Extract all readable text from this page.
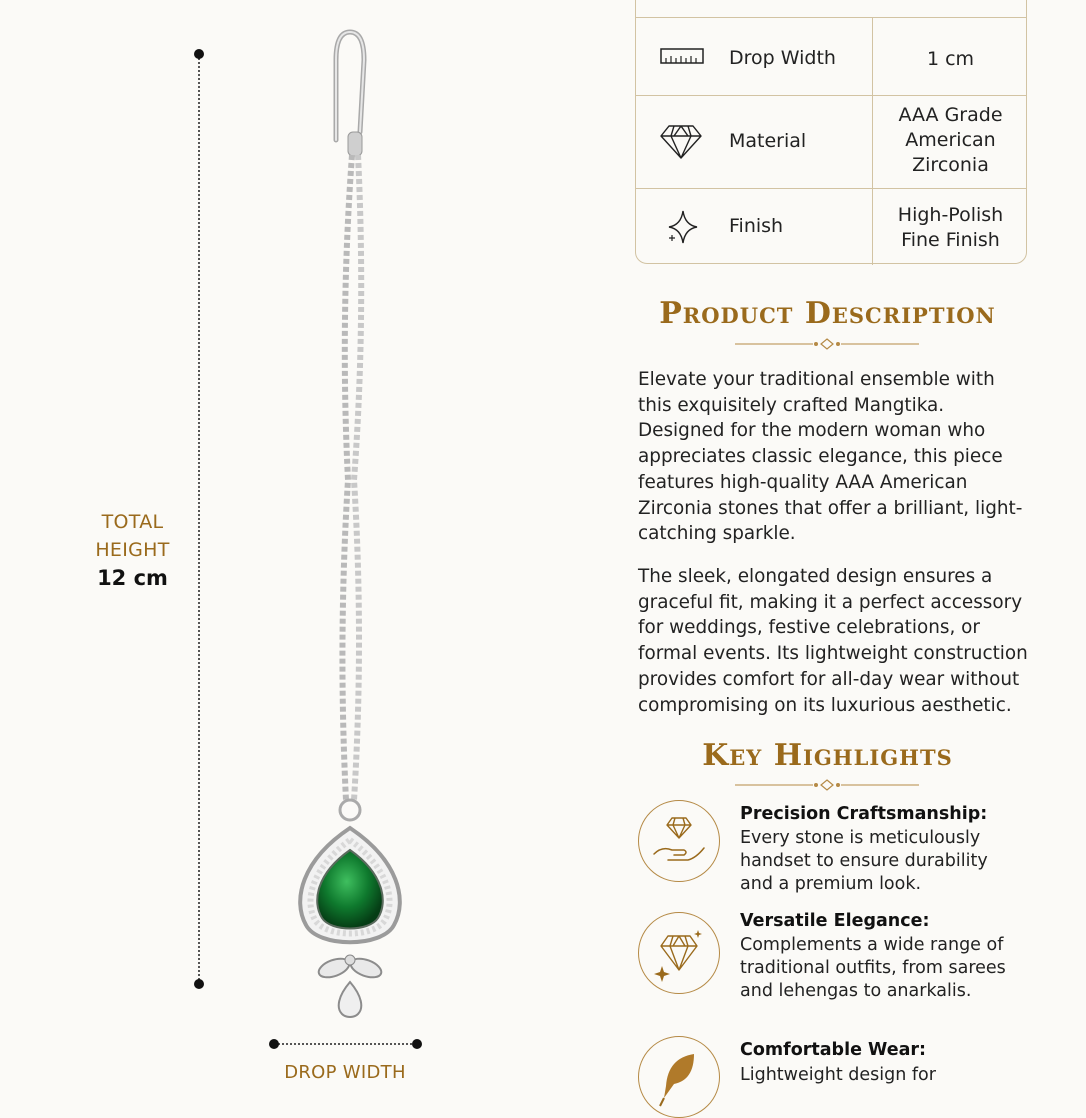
TOTAL
HEIGHT
12 cm
DROP WIDTH
Drop Width	1 cm
Material
AAA Grade
American
Zirconia
Finish	High-Polish
Fine Finish
Product Description

Elevate your traditional ensemble with this exquisitely crafted Mangtika. Designed for the modern woman who appreciates classic elegance, this piece features high-quality AAA American Zirconia stones that offer a brilliant, light-catching sparkle.

The sleek, elongated design ensures a graceful fit, making it a perfect accessory for weddings, festive celebrations, or formal events. Its lightweight construction provides comfort for all-day wear without compromising on its luxurious aesthetic.

Key Highlights
Precision Craftsmanship:
Every stone is meticulously handset to ensure durability and a premium look.
Versatile Elegance:
Complements a wide range of traditional outfits, from sarees and lehengas to anarkalis.
Comfortable Wear:
Lightweight design for
